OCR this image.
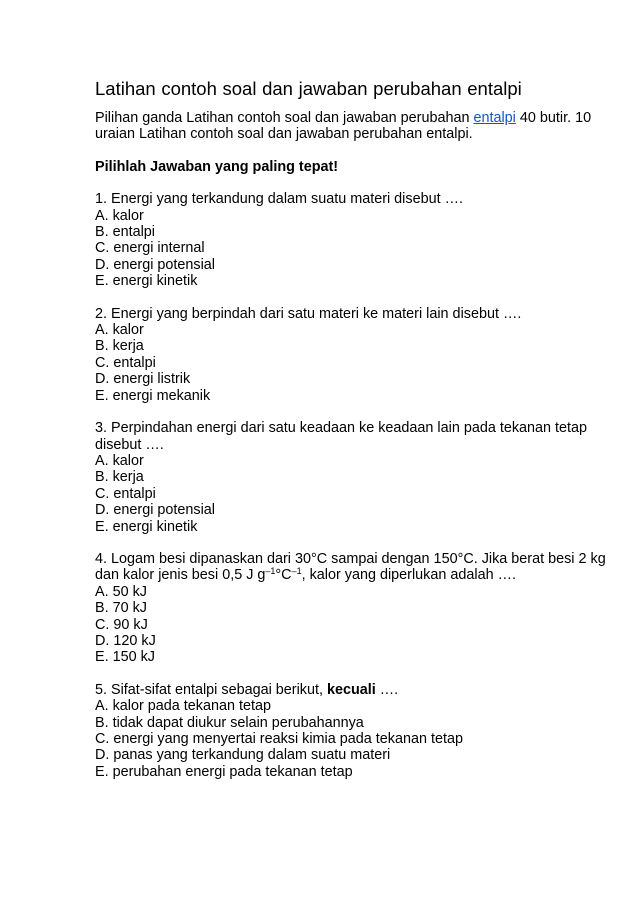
Latihan contoh soal dan jawaban perubahan entalpi

Pilihan ganda Latihan contoh soal dan jawaban perubahan entalpi 40 butir. 10 uraian Latihan contoh soal dan jawaban perubahan entalpi.

Pilihlah Jawaban yang paling tepat!

1. Energi yang terkandung dalam suatu materi disebut ….
A. kalor
B. entalpi
C. energi internal
D. energi potensial
E. energi kinetik
2. Energi yang berpindah dari satu materi ke materi lain disebut ….
A. kalor
B. kerja
C. entalpi
D. energi listrik
E. energi mekanik
3. Perpindahan energi dari satu keadaan ke keadaan lain pada tekanan tetap disebut ….
A. kalor
B. kerja
C. entalpi
D. energi potensial
E. energi kinetik
4. Logam besi dipanaskan dari 30°C sampai dengan 150°C. Jika berat besi 2 kg dan kalor jenis besi 0,5 J $g^{-1}^\circ C^{-1}$, kalor yang diperlukan adalah ….
A. 50 kJ
B. 70 kJ
C. 90 kJ
D. 120 kJ
E. 150 kJ
5. Sifat-sifat entalpi sebagai berikut, kecuali ….
A. kalor pada tekanan tetap
B. tidak dapat diukur selain perubahannya
C. energi yang menyertai reaksi kimia pada tekanan tetap
D. panas yang terkandung dalam suatu materi
E. perubahan energi pada tekanan tetap
